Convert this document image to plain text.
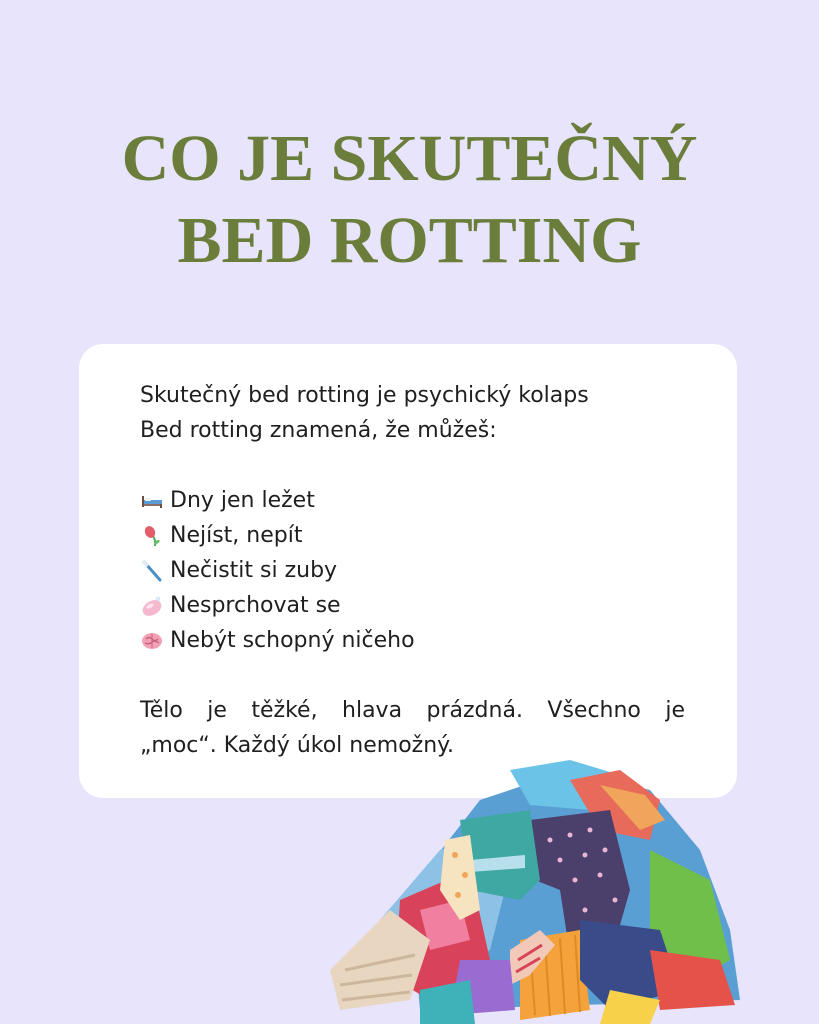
CO JE SKUTEČNÝ
BED ROTTING
Skutečný bed rotting je psychický kolaps
Bed rotting znamená, že můžeš:
Dny jen ležet
Nejíst, nepít
Nečistit si zuby
Nesprchovat se
Nebýt schopný ničeho
Tělo je těžké, hlava prázdná. Všechno je
„moc“. Každý úkol nemožný.
